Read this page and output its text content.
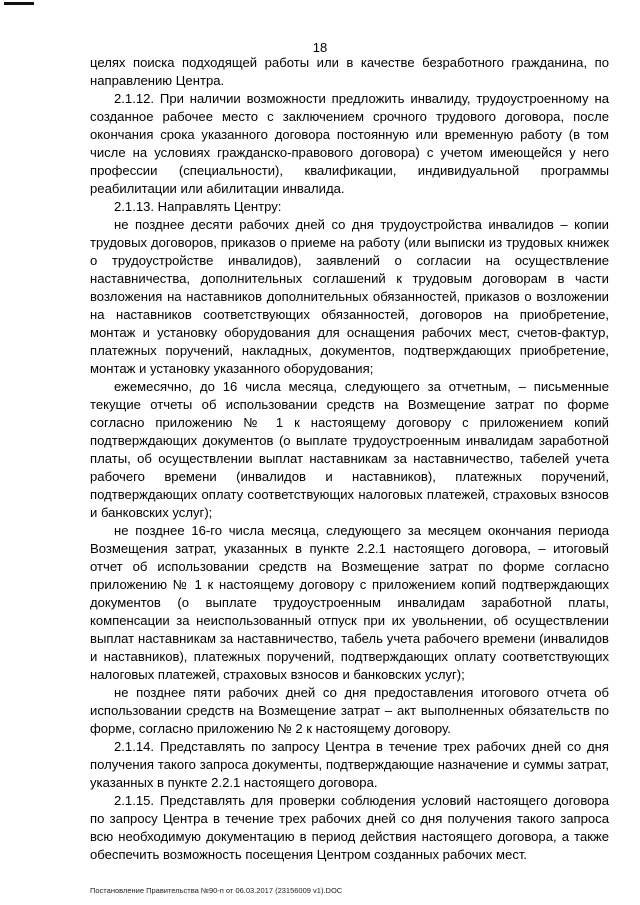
18

целях поиска подходящей работы или в качестве безработного гражданина, по направлению Центра.

2.1.12. При наличии возможности предложить инвалиду, трудоустроенному на созданное рабочее место с заключением срочного трудового договора, после окончания срока указанного договора постоянную или временную работу (в том числе на условиях гражданско-правового договора) с учетом имеющейся у него профессии (специальности), квалификации, индивидуальной программы реабилитации или абилитации инвалида.

2.1.13. Направлять Центру:

не позднее десяти рабочих дней со дня трудоустройства инвалидов – копии трудовых договоров, приказов о приеме на работу (или выписки из трудовых книжек о трудоустройстве инвалидов), заявлений о согласии на осуществление наставничества, дополнительных соглашений к трудовым договорам в части возложения на наставников дополнительных обязанностей, приказов о возложении на наставников соответствующих обязанностей, договоров на приобретение, монтаж и установку оборудования для оснащения рабочих мест, счетов-фактур, платежных поручений, накладных, документов, подтверждающих приобретение, монтаж и установку указанного оборудования;

ежемесячно, до 16 числа месяца, следующего за отчетным, – письменные текущие отчеты об использовании средств на Возмещение затрат по форме согласно приложению № 1 к настоящему договору с приложением копий подтверждающих документов (о выплате трудоустроенным инвалидам заработной платы, об осуществлении выплат наставникам за наставничество, табелей учета рабочего времени (инвалидов и наставников), платежных поручений, подтверждающих оплату соответствующих налоговых платежей, страховых взносов и банковских услуг);

не позднее 16-го числа месяца, следующего за месяцем окончания периода Возмещения затрат, указанных в пункте 2.2.1 настоящего договора, – итоговый отчет об использовании средств на Возмещение затрат по форме согласно приложению № 1 к настоящему договору с приложением копий подтверждающих документов (о выплате трудоустроенным инвалидам заработной платы, компенсации за неиспользованный отпуск при их увольнении, об осуществлении выплат наставникам за наставничество, табель учета рабочего времени (инвалидов и наставников), платежных поручений, подтверждающих оплату соответствующих налоговых платежей, страховых взносов и банковских услуг);

не позднее пяти рабочих дней со дня предоставления итогового отчета об использовании средств на Возмещение затрат – акт выполненных обязательств по форме, согласно приложению № 2 к настоящему договору.

2.1.14. Представлять по запросу Центра в течение трех рабочих дней со дня получения такого запроса документы, подтверждающие назначение и суммы затрат, указанных в пункте 2.2.1 настоящего договора.

2.1.15. Представлять для проверки соблюдения условий настоящего договора по запросу Центра в течение трех рабочих дней со дня получения такого запроса всю необходимую документацию в период действия настоящего договора, а также обеспечить возможность посещения Центром созданных рабочих мест.

Постановление Правительства №90-п от 06.03.2017 (23156009 v1).DOC
